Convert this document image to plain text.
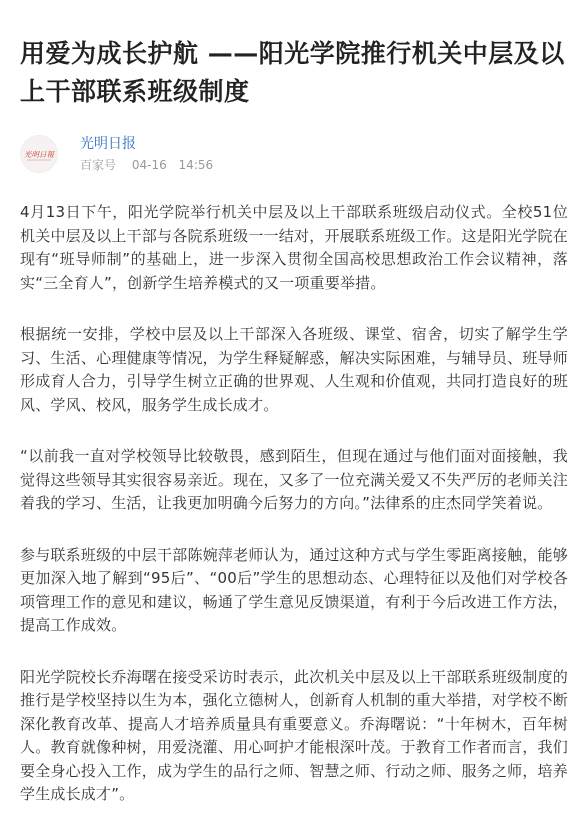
用爱为成长护航 ——阳光学院推行机关中层及以上干部联系班级制度
光明日報
光明日报
百家号 04-16 14:56

4月13日下午，阳光学院举行机关中层及以上干部联系班级启动仪式。全校51位机关中层及以上干部与各院系班级一一结对，开展联系班级工作。这是阳光学院在现有“班导师制”的基础上，进一步深入贯彻全国高校思想政治工作会议精神，落实“三全育人”，创新学生培养模式的又一项重要举措。

根据统一安排，学校中层及以上干部深入各班级、课堂、宿舍，切实了解学生学习、生活、心理健康等情况，为学生释疑解惑，解决实际困难，与辅导员、班导师形成育人合力，引导学生树立正确的世界观、人生观和价值观，共同打造良好的班风、学风、校风，服务学生成长成才。

“以前我一直对学校领导比较敬畏，感到陌生，但现在通过与他们面对面接触，我觉得这些领导其实很容易亲近。现在，又多了一位充满关爱又不失严厉的老师关注着我的学习、生活，让我更加明确今后努力的方向。”法律系的庄杰同学笑着说。

参与联系班级的中层干部陈婉萍老师认为，通过这种方式与学生零距离接触，能够更加深入地了解到“95后”、“00后”学生的思想动态、心理特征以及他们对学校各项管理工作的意见和建议，畅通了学生意见反馈渠道，有利于今后改进工作方法，提高工作成效。

阳光学院校长乔海曙在接受采访时表示，此次机关中层及以上干部联系班级制度的推行是学校坚持以生为本，强化立德树人，创新育人机制的重大举措，对学校不断深化教育改革、提高人才培养质量具有重要意义。乔海曙说：“十年树木，百年树人。教育就像种树，用爱浇灌、用心呵护才能根深叶茂。于教育工作者而言，我们要全身心投入工作，成为学生的品行之师、智慧之师、行动之师、服务之师，培养学生成长成才”。
